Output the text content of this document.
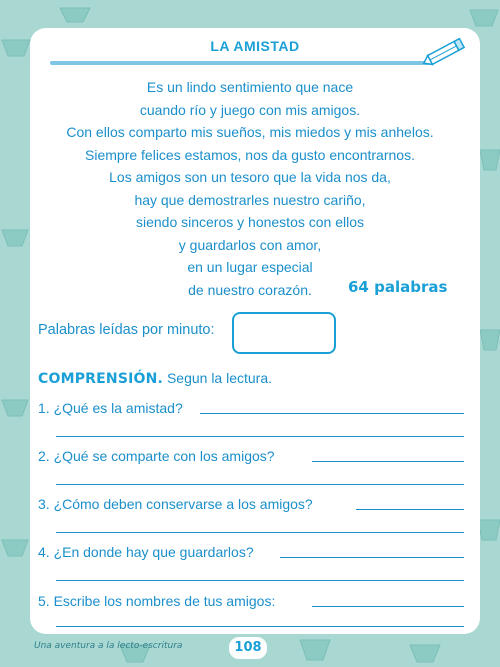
LA AMISTAD
Es un lindo sentimiento que nace
cuando río y juego con mis amigos.
Con ellos comparto mis sueños, mis miedos y mis anhelos.
Siempre felices estamos, nos da gusto encontrarnos.
Los amigos son un tesoro que la vida nos da,
hay que demostrarles nuestro cariño,
siendo sinceros y honestos con ellos
y guardarlos con amor,
en un lugar especial
de nuestro corazón.	64 palabras
Palabras leídas por minuto:
COMPRENSIÓN. Segun la lectura.
1. ¿Qué es la amistad?
2. ¿Qué se comparte con los amigos?
3. ¿Cómo deben conservarse a los amigos?
4. ¿En donde hay que guardarlos?
5. Escribe los nombres de tus amigos:
Una aventura a la lecto-escritura	108
